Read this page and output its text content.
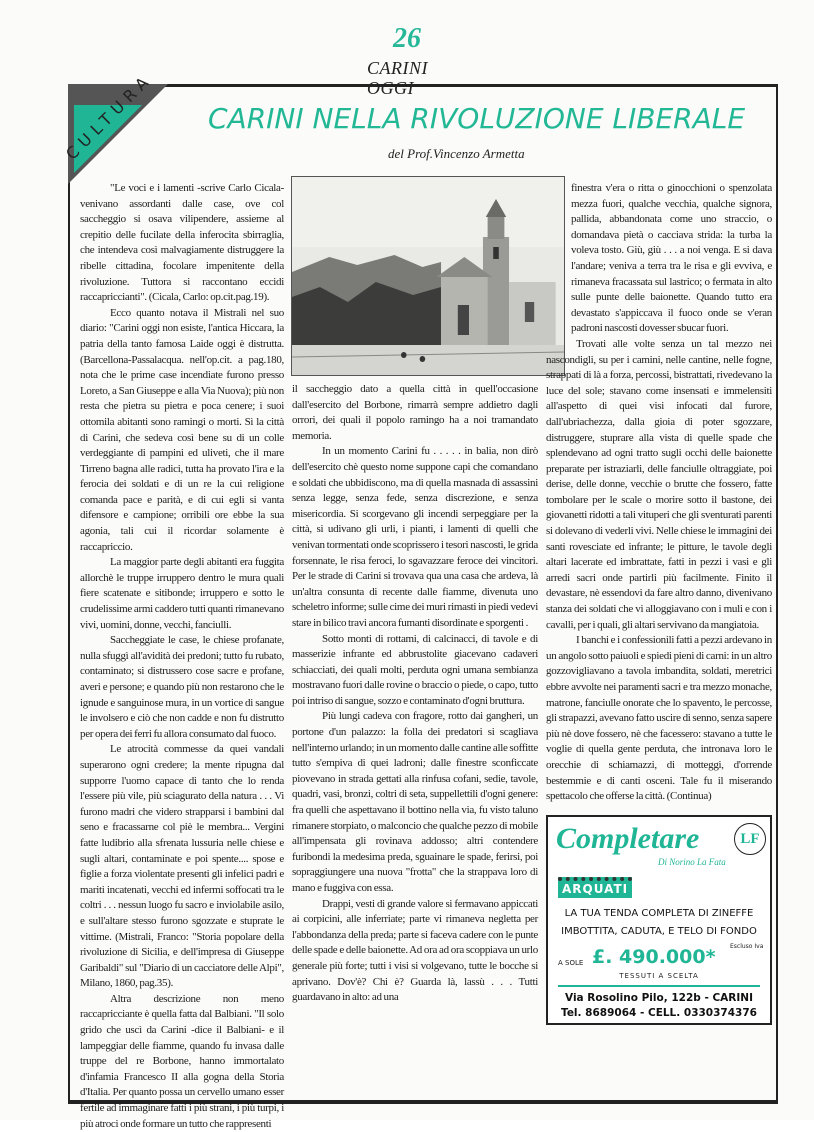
26
CARINI OGGI
CULTURA CARINI NELLA RIVOLUZIONE LIBERALE
del Prof.Vincenzo Armetta

"Le voci e i lamenti -scrive Carlo Cicala- venivano assordanti dalle case, ove col saccheggio si osava vilipendere, assieme al crepitio delle fucilate della inferocita sbirraglia, che intendeva così malvagiamente distruggere la ribelle cittadina, focolare impenitente della rivoluzione. Tuttora si raccontano eccidi raccapriccianti". (Cicala, Carlo: op.cit.pag.19).

Ecco quanto notava il Mistrali nel suo diario: "Carini oggi non esiste, l'antica Hiccara, la patria della tanto famosa Laide oggi è distrutta. (Barcellona-Passalacqua. nell'op.cit. a pag.180, nota che le prime case incendiate furono presso Loreto, a San Giuseppe e alla Via Nuova); più non resta che pietra su pietra e poca cenere; i suoi ottomila abitanti sono ramingi o morti. Sì la città di Carini, che sedeva così bene su di un colle verdeggiante di pampini ed uliveti, che il mare Tirreno bagna alle radici, tutta ha provato l'ira e la ferocia dei soldati e di un re la cui religione comanda pace e parità, e di cui egli si vanta difensore e campione; orribili ore ebbe la sua agonia, tali cui il ricordar solamente è raccapriccio.

La maggior parte degli abitanti era fuggita allorchè le truppe irruppero dentro le mura quali fiere scatenate e sitibonde; irruppero e sotto le crudelissime armi caddero tutti quanti rimanevano vivi, uomini, donne, vecchi, fanciulli.

Saccheggiate le case, le chiese profanate, nulla sfuggì all'avidità dei predoni; tutto fu rubato, contaminato; si distrussero cose sacre e profane, averi e persone; e quando più non restarono che le ignude e sanguinose mura, in un vortice di sangue le involsero e ciò che non cadde e non fu distrutto per opera dei ferri fu allora consumato dal fuoco.

Le atrocità commesse da quei vandali superarono ogni credere; la mente ripugna dal supporre l'uomo capace di tanto che lo renda l'essere più vile, più sciagurato della natura . . . Vi furono madri che videro strapparsi i bambini dal seno e fracassarne col piè le membra... Vergini fatte ludibrio alla sfrenata lussuria nelle chiese e sugli altari, contaminate e poi spente.... spose e figlie a forza violentate presenti gli infelici padri e mariti incatenati, vecchi ed infermi soffocati tra le coltri . . . nessun luogo fu sacro e inviolabile asilo, e sull'altare stesso furono sgozzate e stuprate le vittime. (Mistrali, Franco: "Storia popolare della rivoluzione di Sicilia, e dell'impresa di Giuseppe Garibaldi" sul "Diario di un cacciatore delle Alpi", Milano, 1860, pag.35).

Altra descrizione non meno raccapricciante è quella fatta dal Balbiani. "Il solo grido che uscì da Carini -dice il Balbiani- e il lampeggiar delle fiamme, quando fu invasa dalle truppe del re Borbone, hanno immortalato d'infamia Francesco II alla gogna della Storia d'Italia. Per quanto possa un cervello umano esser fertile ad immaginare fatti i più strani, i più turpi, i più atroci onde formare un tutto che rappresenti

il saccheggio dato a quella città in quell'occasione dall'esercito del Borbone, rimarrà sempre addietro dagli orrori, dei quali il popolo ramingo ha a noi tramandato memoria.

In un momento Carini fu . . . . . in balia, non dirò dell'esercito chè questo nome suppone capi che comandano e soldati che ubbidiscono, ma di quella masnada di assassini senza legge, senza fede, senza discrezione, e senza misericordia. Si scorgevano gli incendi serpeggiare per la città, si udivano gli urli, i pianti, i lamenti di quelli che venivan tormentati onde scoprissero i tesori nascosti, le grida forsennate, le risa feroci, lo sgavazzare feroce dei vincitori. Per le strade di Carini si trovava qua una casa che ardeva, là un'altra consunta di recente dalle fiamme, divenuta uno scheletro informe; sulle cime dei muri rimasti in piedi vedevi stare in bilico travi ancora fumanti disordinate e sporgenti .

Sotto monti di rottami, di calcinacci, di tavole e di masserizie infrante ed abbrustolite giacevano cadaveri schiacciati, dei quali molti, perduta ogni umana sembianza mostravano fuori dalle rovine o braccio o piede, o capo, tutto poi intriso di sangue, sozzo e contaminato d'ogni bruttura.

Più lungi cadeva con fragore, rotto dai gangheri, un portone d'un palazzo: la folla dei predatori si scagliava nell'interno urlando; in un momento dalle cantine alle soffitte tutto s'empiva di quei ladroni; dalle finestre sconficcate piovevano in strada gettati alla rinfusa cofani, sedie, tavole, quadri, vasi, bronzi, coltri di seta, suppellettili d'ogni genere: fra quelli che aspettavano il bottino nella via, fu visto taluno rimanere storpiato, o malconcio che qualche pezzo di mobile all'impensata gli rovinava addosso; altri contendere furibondi la medesima preda, sguainare le spade, ferirsi, poi sopraggiungere una nuova "frotta" che la strappava loro di mano e fuggiva con essa.

Drappi, vesti di grande valore si fermavano appiccati ai corpicini, alle inferriate; parte vi rimaneva negletta per l'abbondanza della preda; parte si faceva cadere con le punte delle spade e delle baionette. Ad ora ad ora scoppiava un urlo generale più forte; tutti i visi si volgevano, tutte le bocche si aprivano. Dov'è? Chi è? Guarda là, lassù . . . Tutti guardavano in alto: ad una

finestra v'era o ritta o ginocchioni o spenzolata mezza fuori, qualche vecchia, qualche signora, pallida, abbandonata come uno straccio, o domandava pietà o cacciava strida: la turba la voleva tosto. Giù, giù . . . a noi venga. E si dava l'andare; veniva a terra tra le risa e gli evviva, e rimaneva fracassata sul lastrico; o fermata in alto sulle punte delle baionette. Quando tutto era devastato s'appiccava il fuoco onde se v'eran padroni nascosti dovesser sbucar fuori.

Trovati alle volte senza un tal mezzo nei nascondigli, su per i camini, nelle cantine, nelle fogne, strappati di là a forza, percossi, bistrattati, rivedevano la luce del sole; stavano come insensati e immelensiti all'aspetto di quei visi infocati dal furore, dall'ubriachezza, dalla gioia di poter sgozzare, distruggere, stuprare alla vista di quelle spade che splendevano ad ogni tratto sugli occhi delle baionette preparate per istraziarli, delle fanciulle oltraggiate, poi derise, delle donne, vecchie o brutte che fossero, fatte tombolare per le scale o morire sotto il bastone, dei giovanetti ridotti a tali vituperi che gli sventurati parenti si dolevano di vederli vivi. Nelle chiese le immagini dei santi rovesciate ed infrante; le pitture, le tavole degli altari lacerate ed imbrattate, fatti in pezzi i vasi e gli arredi sacri onde partirli più facilmente. Finito il devastare, nè essendovi da fare altro danno, divenivano stanza dei soldati che vi alloggiavano con i muli e con i cavalli, per i quali, gli altari servivano da mangiatoia.

I banchi e i confessionili fatti a pezzi ardevano in un angolo sotto paiuoli e spiedi pieni di carni: in un altro gozzovigliavano a tavola imbandita, soldati, meretrici ebbre avvolte nei paramenti sacri e tra mezzo monache, matrone, fanciulle onorate che lo spavento, le percosse, gli strapazzi, avevano fatto uscire di senno, senza sapere più nè dove fossero, nè che facessero: stavano a tutte le voglie di quella gente perduta, che intronava loro le orecchie di schiamazzi, di motteggi, d'orrende bestemmie e di canti osceni. Tale fu il miserando spettacolo che offerse la città. (Continua)

Completare
Di Norino La Fata
LF
ARQUATI
LA TUA TENDA COMPLETA DI ZINEFFE
IMBOTTITA, CADUTA, E TELO DI FONDO
A SOLE £. 490.000* Escluso Iva
TESSUTI A SCELTA
Via Rosolino Pilo, 122b - CARINI
Tel. 8689064 - CELL. 0330374376
